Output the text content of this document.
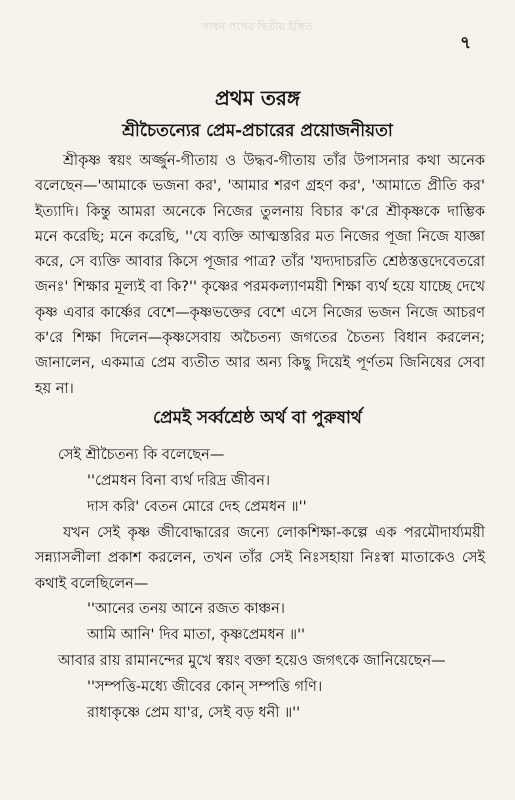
সাধন পথের দ্বিতীয় ইঙ্গিত
৭
প্রথম তরঙ্গ
শ্রীচৈতন্যের প্রেম-প্রচারের প্রয়োজনীয়তা

শ্রীকৃষ্ণ স্বয়ং অর্জ্জুন-গীতায় ও উদ্ধব-গীতায় তাঁর উপাসনার কথা অনেক বলেছেন—'আমাকে ভজনা কর', 'আমার শরণ গ্রহণ কর', 'আমাতে প্রীতি কর' ইত্যাদি। কিন্তু আমরা অনেকে নিজের তুলনায় বিচার ক'রে শ্রীকৃষ্ণকে দাম্ভিক মনে করেছি; মনে করেছি, ''যে ব্যক্তি আত্মস্তরির মত নিজের পূজা নিজে যাজ্ঞা করে, সে ব্যক্তি আবার কিসে পূজার পাত্র? তাঁর 'যদ্যদাচরতি শ্রেষ্ঠস্তত্তদেবেতরো জনঃ' শিক্ষার মূল্যই বা কি?'' কৃষ্ণের পরমকল্যাণময়ী শিক্ষা ব্যর্থ হয়ে যাচ্ছে দেখে কৃষ্ণ এবার কার্ষ্ণের বেশে—কৃষ্ণভক্তের বেশে এসে নিজের ভজন নিজে আচরণ ক'রে শিক্ষা দিলেন—কৃষ্ণসেবায় অচৈতন্য জগতের চৈতন্য বিধান করলেন; জানালেন, একমাত্র প্রেম ব্যতীত আর অন্য কিছু দিয়েই পূর্ণতম জিনিষের সেবা হয় না।

প্রেমই সর্ব্বশ্রেষ্ঠ অর্থ বা পুরুষার্থ

সেই শ্রীচৈতন্য কি বলেছেন—

''প্রেমধন বিনা ব্যর্থ দরিদ্র জীবন।

দাস করি' বেতন মোরে দেহ প্রেমধন ॥''

যখন সেই কৃষ্ণ জীবোদ্ধারের জন্যে লোকশিক্ষা-কল্পে এক পরমৌদার্য্যময়ী সন্ন্যাসলীলা প্রকাশ করলেন, তখন তাঁর সেই নিঃসহায়া নিঃস্বা মাতাকেও সেই কথাই বলেছিলেন—

''আনের তনয় আনে রজত কাঞ্চন।

আমি আনি' দিব মাতা, কৃষ্ণপ্রেমধন ॥''

আবার রায় রামানন্দের মুখে স্বয়ং বক্তা হয়েও জগৎকে জানিয়েছেন—

''সম্পত্তি-মধ্যে জীবের কোন্ সম্পত্তি গণি।

রাধাকৃষ্ণে প্রেম যা'র, সেই বড় ধনী ॥''
